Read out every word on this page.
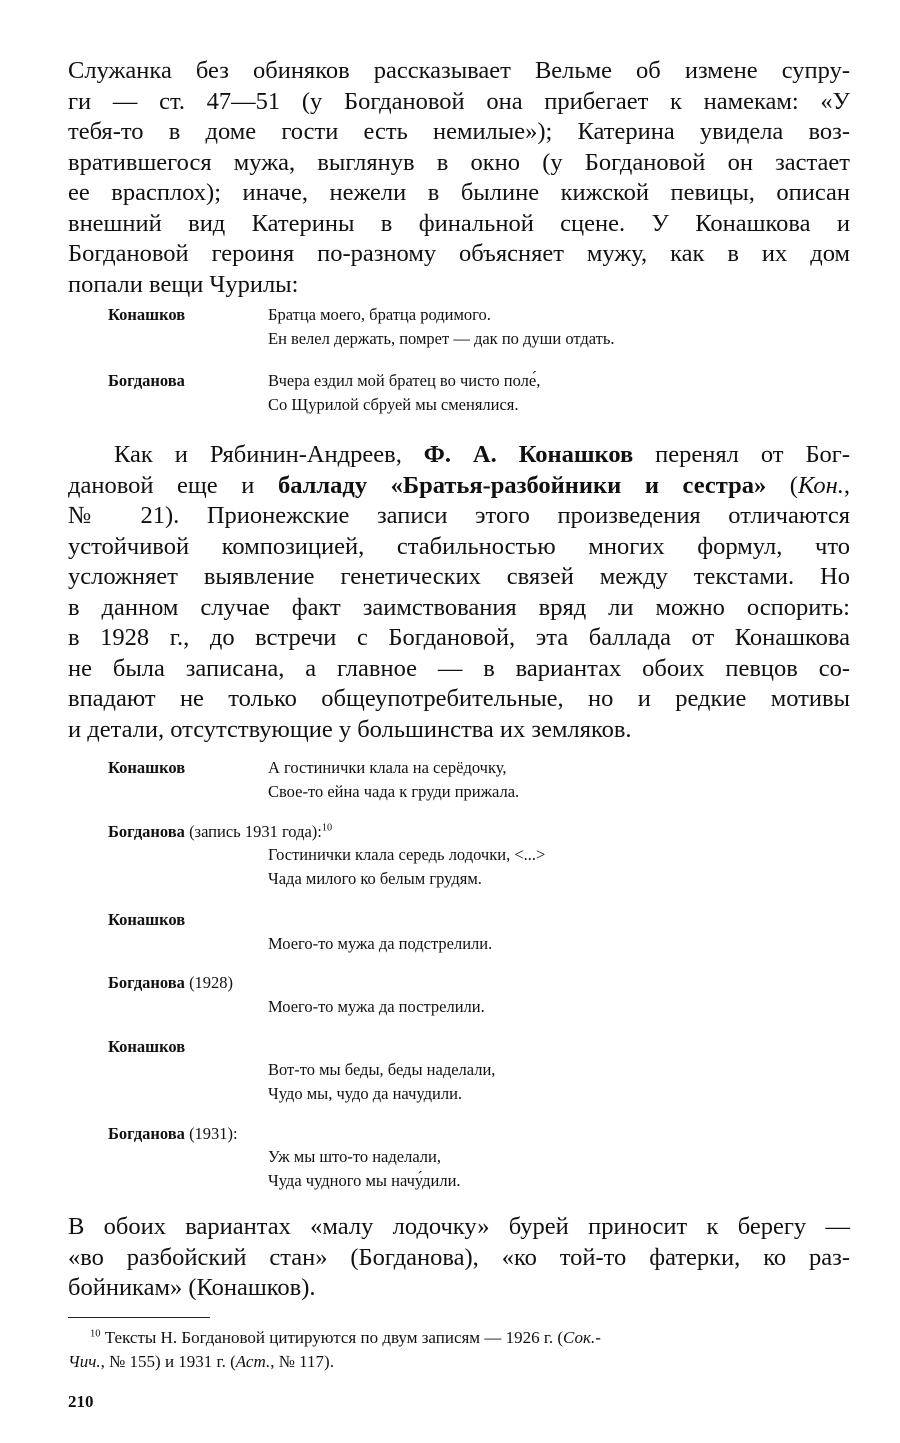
Служанка без обиняков рассказывает Вельме об измене супру-
ги — ст. 47—51 (у Богдановой она прибегает к намекам: «У
тебя-то в доме гости есть немилые»); Катерина увидела воз-
вратившегося мужа, выглянув в окно (у Богдановой он застает
ее врасплох); иначе, нежели в былине кижской певицы, описан
внешний вид Катерины в финальной сцене. У Конашкова и
Богдановой героиня по-разному объясняет мужу, как в их дом
попали вещи Чурилы:
Конашков	Братца моего, братца родимого.
Ен велел держать, помрет — дак по души отдать.
Богданова	Вчера ездил мой братец во чисто поле́,
Со Щурилой сбруей мы сменялися.
Как и Рябинин-Андреев, Ф. А. Конашков перенял от Бог-
дановой еще и балладу «Братья-разбойники и сестра» (Кон.,
№ 21). Прионежские записи этого произведения отличаются
устойчивой композицией, стабильностью многих формул, что
усложняет выявление генетических связей между текстами. Но
в данном случае факт заимствования вряд ли можно оспорить:
в 1928 г., до встречи с Богдановой, эта баллада от Конашкова
не была записана, а главное — в вариантах обоих певцов со-
впадают не только общеупотребительные, но и редкие мотивы
и детали, отсутствующие у большинства их земляков.
Конашков	А гостинички клала на серёдочку,
Свое-то ейна чада к груди прижала.
Богданова (запись 1931 года):$^{10}$
Гостинички клала середь лодочки, <...>
Чада милого ко белым грудям.
Конашков
Моего-то мужа да подстрелили.
Богданова (1928)
Моего-то мужа да пострелили.
Конашков
Вот-то мы беды, беды наделали,
Чудо мы, чудо да начудили.
Богданова (1931):
Уж мы што-то наделали,
Чуда чудного мы начу́дили.
В обоих вариантах «малу лодочку» бурей приносит к берегу —
«во разбойский стан» (Богданова), «ко той-то фатерки, ко раз-
бойникам» (Конашков).
$^{10}$ Тексты Н. Богдановой цитируются по двум записям — 1926 г. (Сок.-
Чич., № 155) и 1931 г. (Аст., № 117).
210
